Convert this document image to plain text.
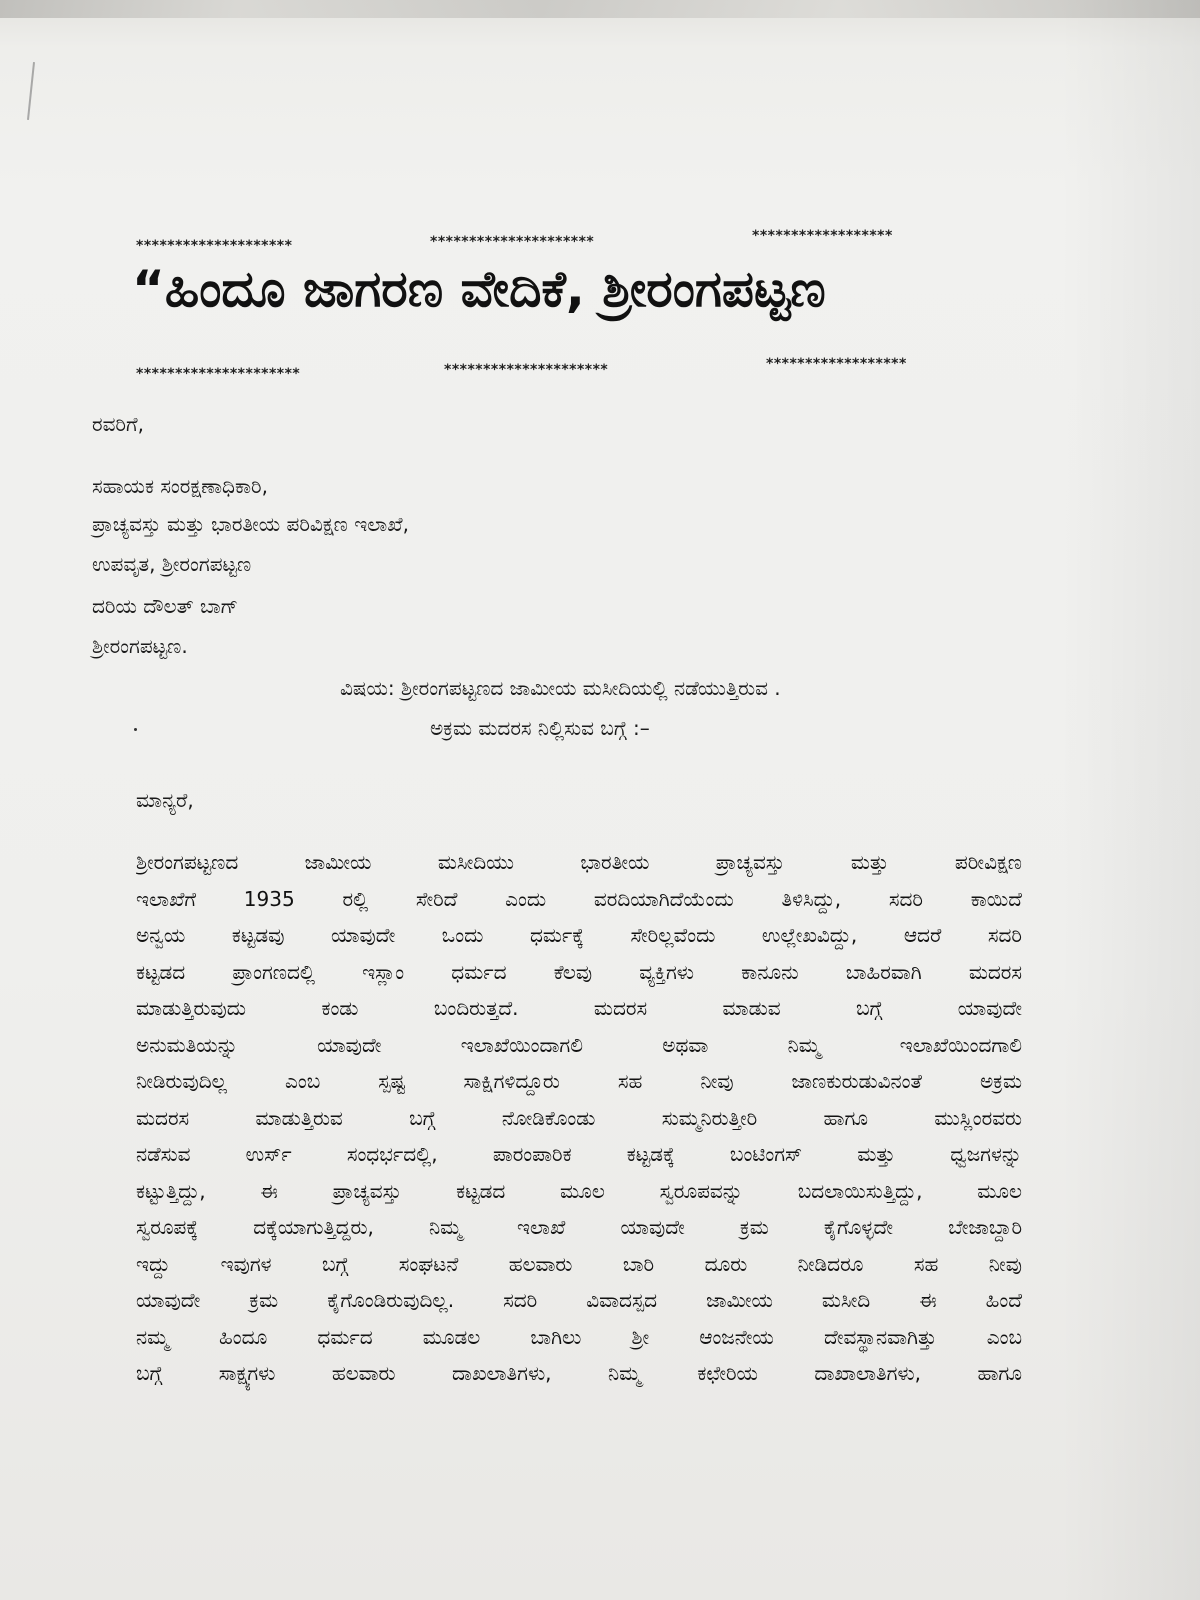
********************	*********************	******************
“ಹಿಂದೂ ಜಾಗರಣ ವೇದಿಕೆ, ಶ್ರೀರಂಗಪಟ್ಟಣ
*********************	*********************	******************
ರವರಿಗೆ,
ಸಹಾಯಕ ಸಂರಕ್ಷಣಾಧಿಕಾರಿ,
ಪ್ರಾಚ್ಯವಸ್ತು ಮತ್ತು ಭಾರತೀಯ ಪರಿವಿಕ್ಷಣ ಇಲಾಖೆ,
ಉಪವೃತ, ಶ್ರೀರಂಗಪಟ್ಟಣ
ದರಿಯ ದೌಲತ್ ಬಾಗ್
ಶ್ರೀರಂಗಪಟ್ಟಣ.
ವಿಷಯ: ಶ್ರೀರಂಗಪಟ್ಟಣದ ಜಾಮೀಯ ಮಸೀದಿಯಲ್ಲಿ ನಡೆಯುತ್ತಿರುವ .
ಅಕ್ರಮ ಮದರಸ ನಿಲ್ಲಿಸುವ ಬಗ್ಗೆ :–
ಮಾನ್ಯರೆ,
ಶ್ರೀರಂಗಪಟ್ಟಣದ ಜಾಮೀಯ ಮಸೀದಿಯು ಭಾರತೀಯ ಪ್ರಾಚ್ಯವಸ್ತು ಮತ್ತು ಪರೀವಿಕ್ಷಣ
ಇಲಾಖೆಗೆ 1935 ರಲ್ಲಿ ಸೇರಿದೆ ಎಂದು ವರದಿಯಾಗಿದೆಯೆಂದು ತಿಳಿಸಿದ್ದು, ಸದರಿ ಕಾಯಿದೆ
ಅನ್ವಯ ಕಟ್ಟಡವು ಯಾವುದೇ ಒಂದು ಧರ್ಮಕ್ಕೆ ಸೇರಿಲ್ಲವೆಂದು ಉಲ್ಲೇಖವಿದ್ದು, ಆದರೆ ಸದರಿ
ಕಟ್ಟಡದ ಪ್ರಾಂಗಣದಲ್ಲಿ ಇಸ್ಲಾಂ ಧರ್ಮದ ಕೆಲವು ವ್ಯಕ್ತಿಗಳು ಕಾನೂನು ಬಾಹಿರವಾಗಿ ಮದರಸ
ಮಾಡುತ್ತಿರುವುದು ಕಂಡು ಬಂದಿರುತ್ತದೆ. ಮದರಸ ಮಾಡುವ ಬಗ್ಗೆ ಯಾವುದೇ
ಅನುಮತಿಯನ್ನು ಯಾವುದೇ ಇಲಾಖೆಯಿಂದಾಗಲಿ ಅಥವಾ ನಿಮ್ಮ ಇಲಾಖೆಯಿಂದಗಾಲಿ
ನೀಡಿರುವುದಿಲ್ಲ ಎಂಬ ಸ್ಪಷ್ಟ ಸಾಕ್ಷಿಗಳಿದ್ದೂರು ಸಹ ನೀವು ಜಾಣಕುರುಡುವಿನಂತೆ ಅಕ್ರಮ
ಮದರಸ ಮಾಡುತ್ತಿರುವ ಬಗ್ಗೆ ನೋಡಿಕೊಂಡು ಸುಮ್ಮನಿರುತ್ತೀರಿ ಹಾಗೂ ಮುಸ್ಲಿಂರವರು
ನಡೆಸುವ ಉರ್ಸ್ ಸಂಧರ್ಭದಲ್ಲಿ, ಪಾರಂಪಾರಿಕ ಕಟ್ಟಡಕ್ಕೆ ಬಂಟಿಂಗಸ್ ಮತ್ತು ಧ್ವಜಗಳನ್ನು
ಕಟ್ಟುತ್ತಿದ್ದು, ಈ ಪ್ರಾಚ್ಯವಸ್ತು ಕಟ್ಟಡದ ಮೂಲ ಸ್ವರೂಪವನ್ನು ಬದಲಾಯಿಸುತ್ತಿದ್ದು, ಮೂಲ
ಸ್ವರೂಪಕ್ಕೆ ದಕ್ಕೆಯಾಗುತ್ತಿದ್ದರು, ನಿಮ್ಮ ಇಲಾಖೆ ಯಾವುದೇ ಕ್ರಮ ಕೈಗೊಳ್ಳದೇ ಬೇಜಾಬ್ದಾರಿ
ಇದ್ದು ಇವುಗಳ ಬಗ್ಗೆ ಸಂಘಟನೆ ಹಲವಾರು ಬಾರಿ ದೂರು ನೀಡಿದರೂ ಸಹ ನೀವು
ಯಾವುದೇ ಕ್ರಮ ಕೈಗೊಂಡಿರುವುದಿಲ್ಲ. ಸದರಿ ವಿವಾದಸ್ಪದ ಜಾಮೀಯ ಮಸೀದಿ ಈ ಹಿಂದೆ
ನಮ್ಮ ಹಿಂದೂ ಧರ್ಮದ ಮೂಡಲ ಬಾಗಿಲು ಶ್ರೀ ಆಂಜನೇಯ ದೇವಸ್ಥಾನವಾಗಿತ್ತು ಎಂಬ
ಬಗ್ಗೆ ಸಾಕ್ಷ್ಯಗಳು ಹಲವಾರು ದಾಖಲಾತಿಗಳು, ನಿಮ್ಮ ಕಛೇರಿಯ ದಾಖಾಲಾತಿಗಳು, ಹಾಗೂ
